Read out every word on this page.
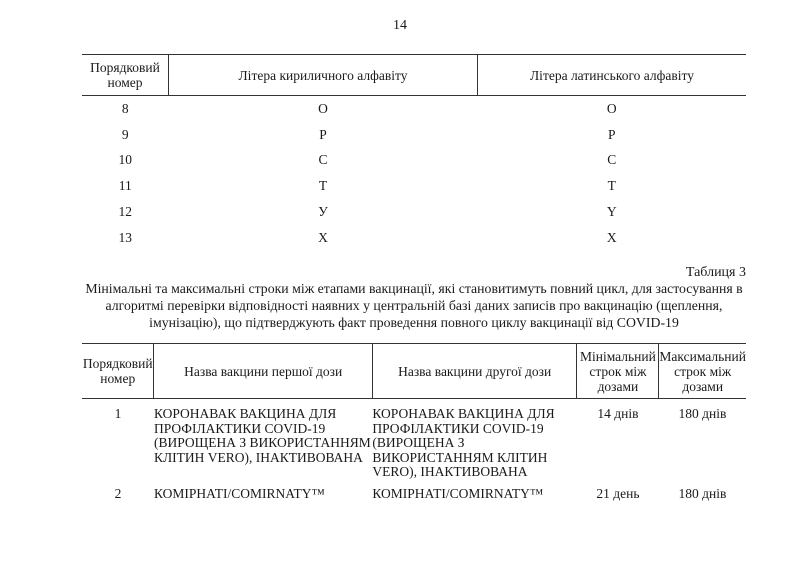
14
Порядковий номер	Літера кириличного алфавіту	Літера латинського алфавіту
8	О	O
9	Р	P
10	С	C
11	Т	T
12	У	Y
13	Х	X
Таблиця 3
Мінімальні та максимальні строки між етапами вакцинації, які становитимуть повний цикл, для застосування в алгоритмі перевірки відповідності наявних у центральній базі даних записів про вакцинацію (щеплення, імунізацію), що підтверджують факт проведення повного циклу вакцинації від COVID-19
Порядковий номер	Назва вакцини першої дози	Назва вакцини другої дози	Мінімальний строк між дозами	Максимальний строк між дозами
1	КОРОНАВАК ВАКЦИНА ДЛЯ ПРОФІЛАКТИКИ COVID-19 (ВИРОЩЕНА З ВИКОРИСТАННЯМ КЛІТИН VERO), ІНАКТИВОВАНА	КОРОНАВАК ВАКЦИНА ДЛЯ ПРОФІЛАКТИКИ COVID-19 (ВИРОЩЕНА З ВИКОРИСТАННЯМ КЛІТИН VERO), ІНАКТИВОВАНА	14 днів	180 днів
2	КОМІРНАТІ/COMIRNATY™	КОМІРНАТІ/COMIRNATY™	21 день	180 днів
